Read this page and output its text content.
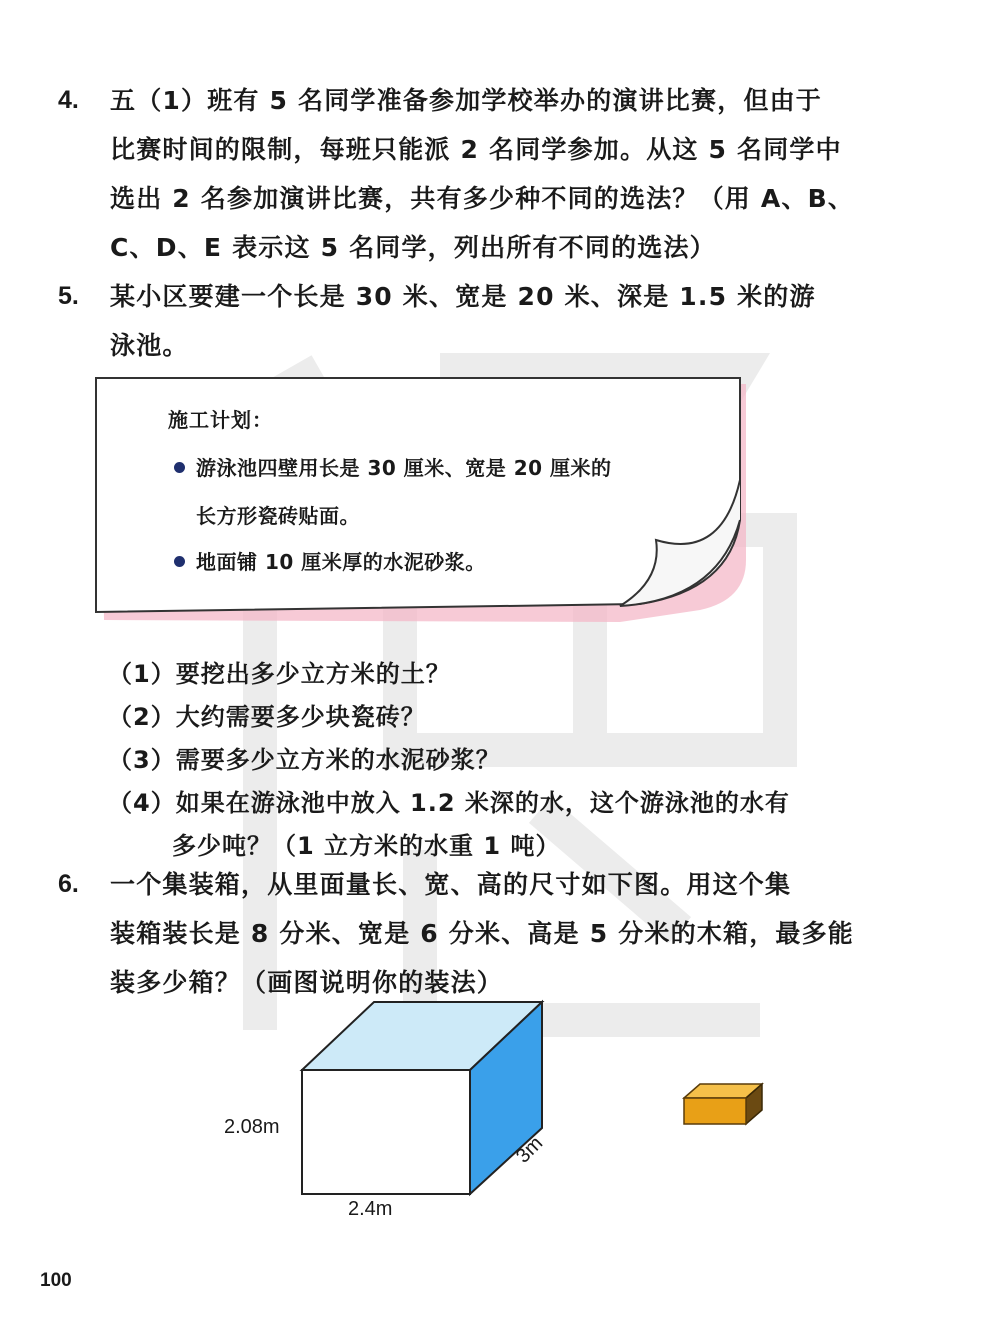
4.	五（1）班有 5 名同学准备参加学校举办的演讲比赛，但由于
比赛时间的限制，每班只能派 2 名同学参加。从这 5 名同学中
选出 2 名参加演讲比赛，共有多少种不同的选法？（用 A、B、
C、D、E 表示这 5 名同学，列出所有不同的选法）
5.	某小区要建一个长是 30 米、宽是 20 米、深是 1.5 米的游
泳池。
施工计划：
游泳池四壁用长是 30 厘米、宽是 20 厘米的
长方形瓷砖贴面。
地面铺 10 厘米厚的水泥砂浆。
（1）要挖出多少立方米的土？
（2）大约需要多少块瓷砖？
（3）需要多少立方米的水泥砂浆？
（4）如果在游泳池中放入 1.2 米深的水，这个游泳池的水有
多少吨？（1 立方米的水重 1 吨）
6.	一个集装箱，从里面量长、宽、高的尺寸如下图。用这个集
装箱装长是 8 分米、宽是 6 分米、高是 5 分米的木箱，最多能
装多少箱？（画图说明你的装法）
2.08m
2.4m
3m
100
